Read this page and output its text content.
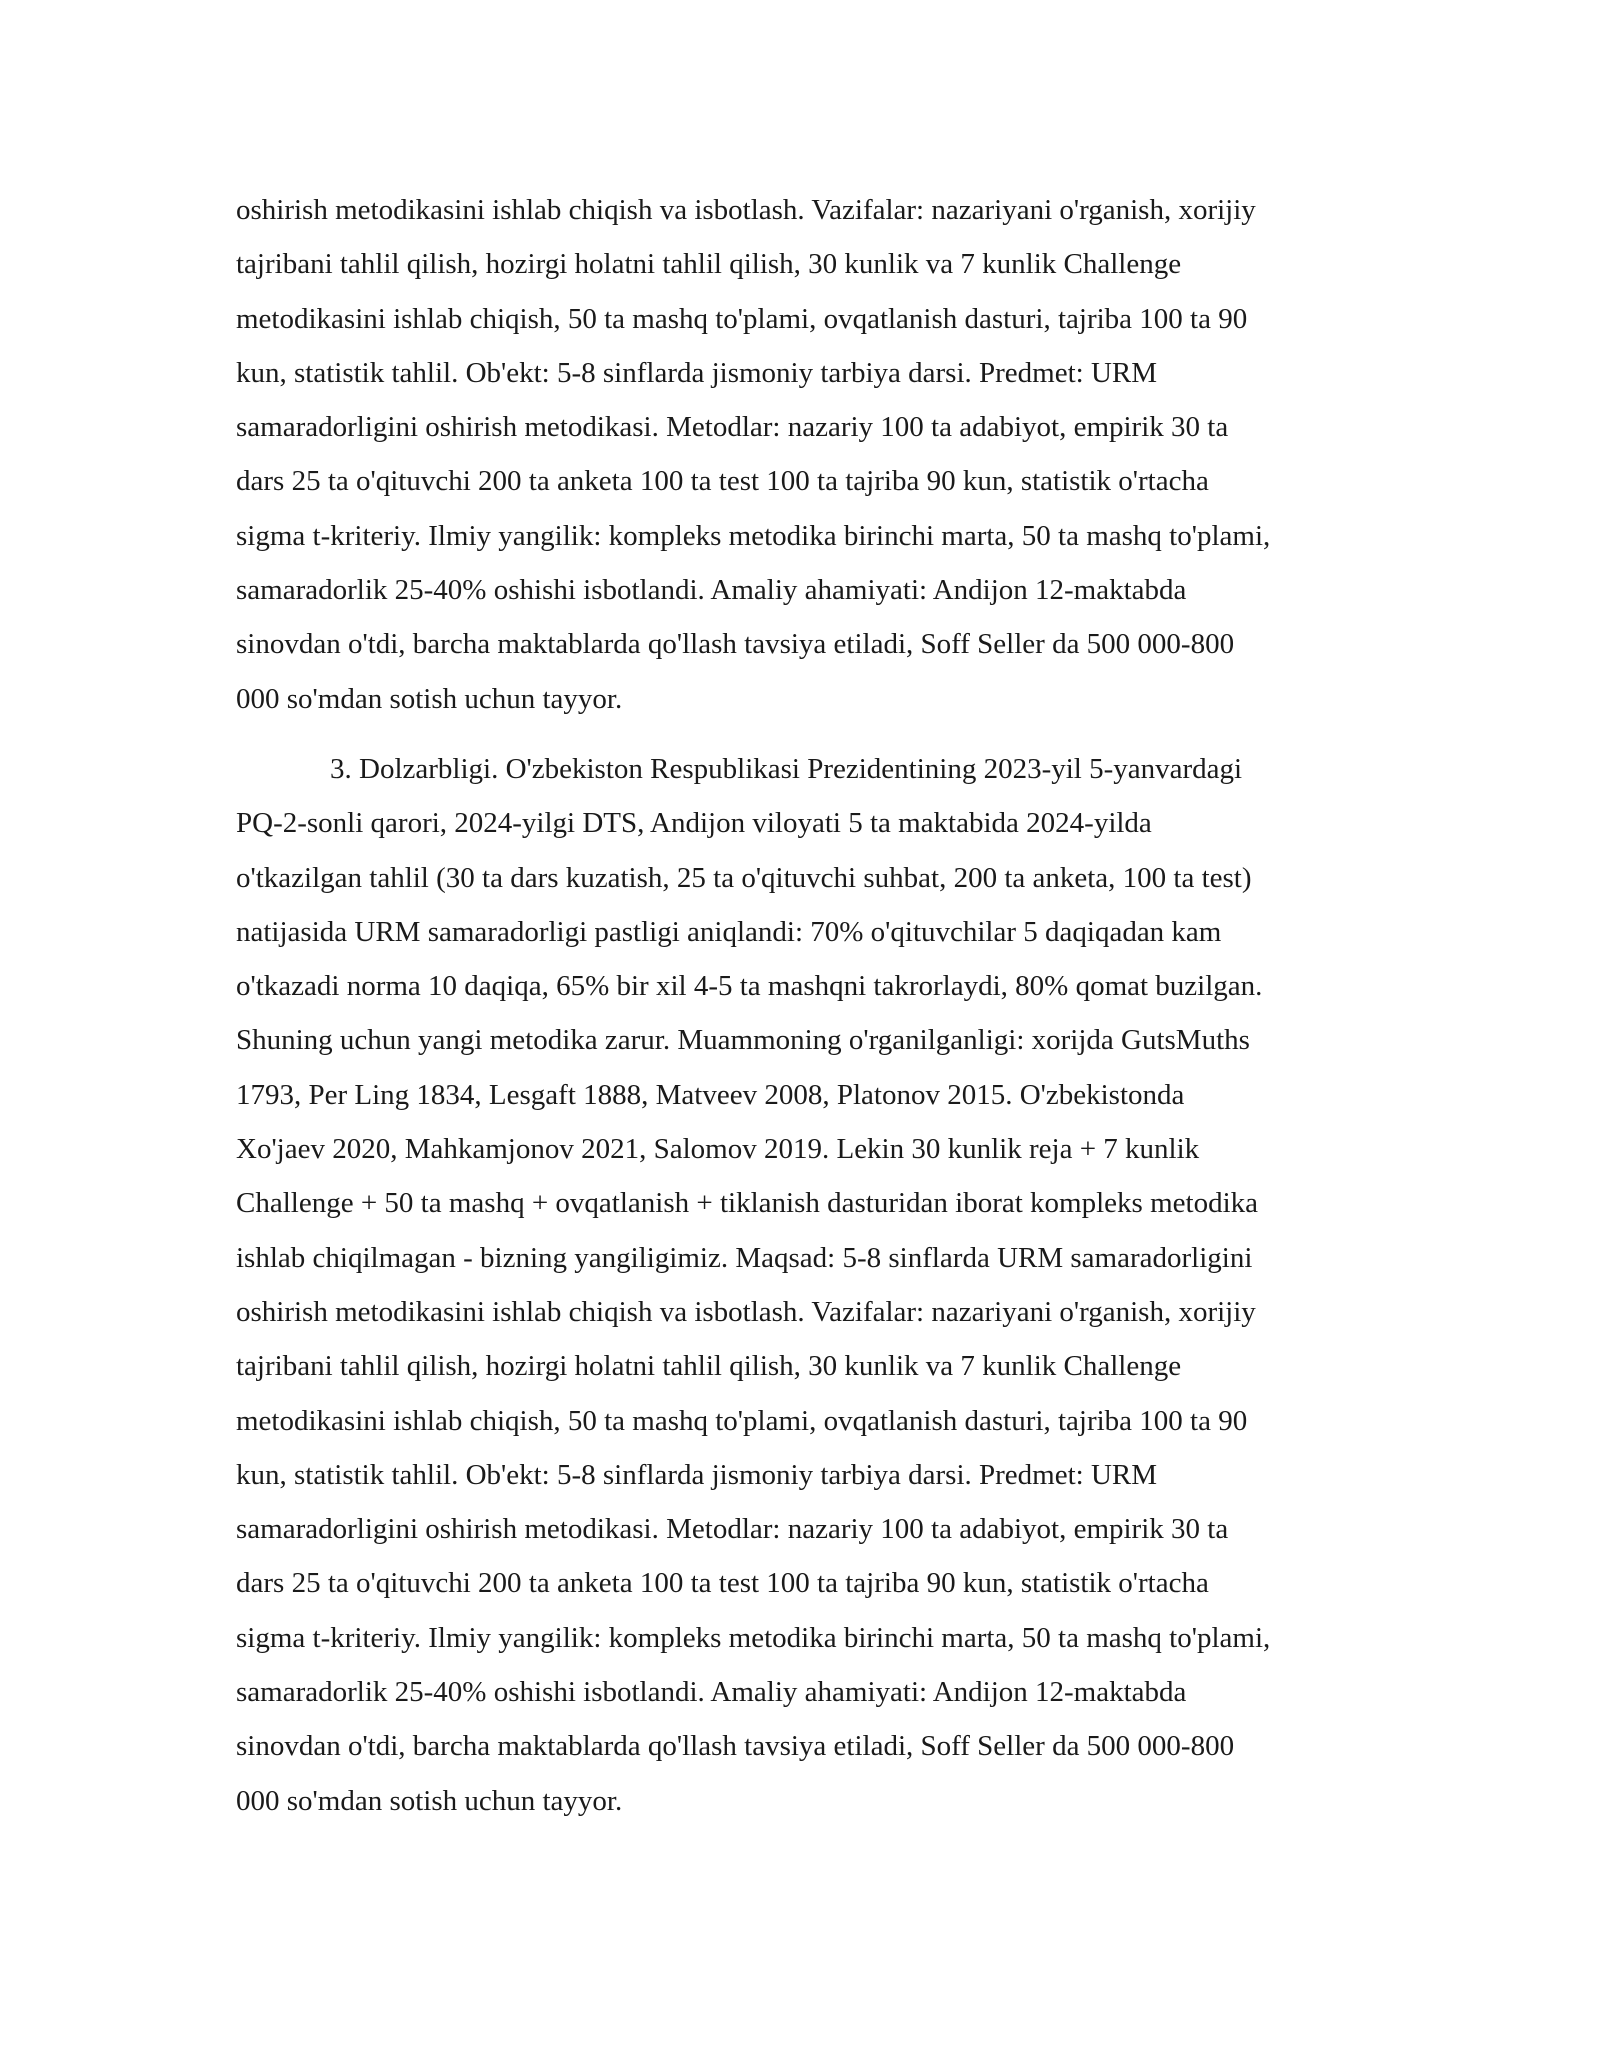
oshirish metodikasini ishlab chiqish va isbotlash. Vazifalar: nazariyani o'rganish, xorijiy
tajribani tahlil qilish, hozirgi holatni tahlil qilish, 30 kunlik va 7 kunlik Challenge
metodikasini ishlab chiqish, 50 ta mashq to'plami, ovqatlanish dasturi, tajriba 100 ta 90
kun, statistik tahlil. Ob'ekt: 5-8 sinflarda jismoniy tarbiya darsi. Predmet: URM
samaradorligini oshirish metodikasi. Metodlar: nazariy 100 ta adabiyot, empirik 30 ta
dars 25 ta o'qituvchi 200 ta anketa 100 ta test 100 ta tajriba 90 kun, statistik o'rtacha
sigma t-kriteriy. Ilmiy yangilik: kompleks metodika birinchi marta, 50 ta mashq to'plami,
samaradorlik 25-40% oshishi isbotlandi. Amaliy ahamiyati: Andijon 12-maktabda
sinovdan o'tdi, barcha maktablarda qo'llash tavsiya etiladi, Soff Seller da 500 000-800
000 so'mdan sotish uchun tayyor.
3. Dolzarbligi. O'zbekiston Respublikasi Prezidentining 2023-yil 5-yanvardagi
PQ-2-sonli qarori, 2024-yilgi DTS, Andijon viloyati 5 ta maktabida 2024-yilda
o'tkazilgan tahlil (30 ta dars kuzatish, 25 ta o'qituvchi suhbat, 200 ta anketa, 100 ta test)
natijasida URM samaradorligi pastligi aniqlandi: 70% o'qituvchilar 5 daqiqadan kam
o'tkazadi norma 10 daqiqa, 65% bir xil 4-5 ta mashqni takrorlaydi, 80% qomat buzilgan.
Shuning uchun yangi metodika zarur. Muammoning o'rganilganligi: xorijda GutsMuths
1793, Per Ling 1834, Lesgaft 1888, Matveev 2008, Platonov 2015. O'zbekistonda
Xo'jaev 2020, Mahkamjonov 2021, Salomov 2019. Lekin 30 kunlik reja + 7 kunlik
Challenge + 50 ta mashq + ovqatlanish + tiklanish dasturidan iborat kompleks metodika
ishlab chiqilmagan - bizning yangiligimiz. Maqsad: 5-8 sinflarda URM samaradorligini
oshirish metodikasini ishlab chiqish va isbotlash. Vazifalar: nazariyani o'rganish, xorijiy
tajribani tahlil qilish, hozirgi holatni tahlil qilish, 30 kunlik va 7 kunlik Challenge
metodikasini ishlab chiqish, 50 ta mashq to'plami, ovqatlanish dasturi, tajriba 100 ta 90
kun, statistik tahlil. Ob'ekt: 5-8 sinflarda jismoniy tarbiya darsi. Predmet: URM
samaradorligini oshirish metodikasi. Metodlar: nazariy 100 ta adabiyot, empirik 30 ta
dars 25 ta o'qituvchi 200 ta anketa 100 ta test 100 ta tajriba 90 kun, statistik o'rtacha
sigma t-kriteriy. Ilmiy yangilik: kompleks metodika birinchi marta, 50 ta mashq to'plami,
samaradorlik 25-40% oshishi isbotlandi. Amaliy ahamiyati: Andijon 12-maktabda
sinovdan o'tdi, barcha maktablarda qo'llash tavsiya etiladi, Soff Seller da 500 000-800
000 so'mdan sotish uchun tayyor.
